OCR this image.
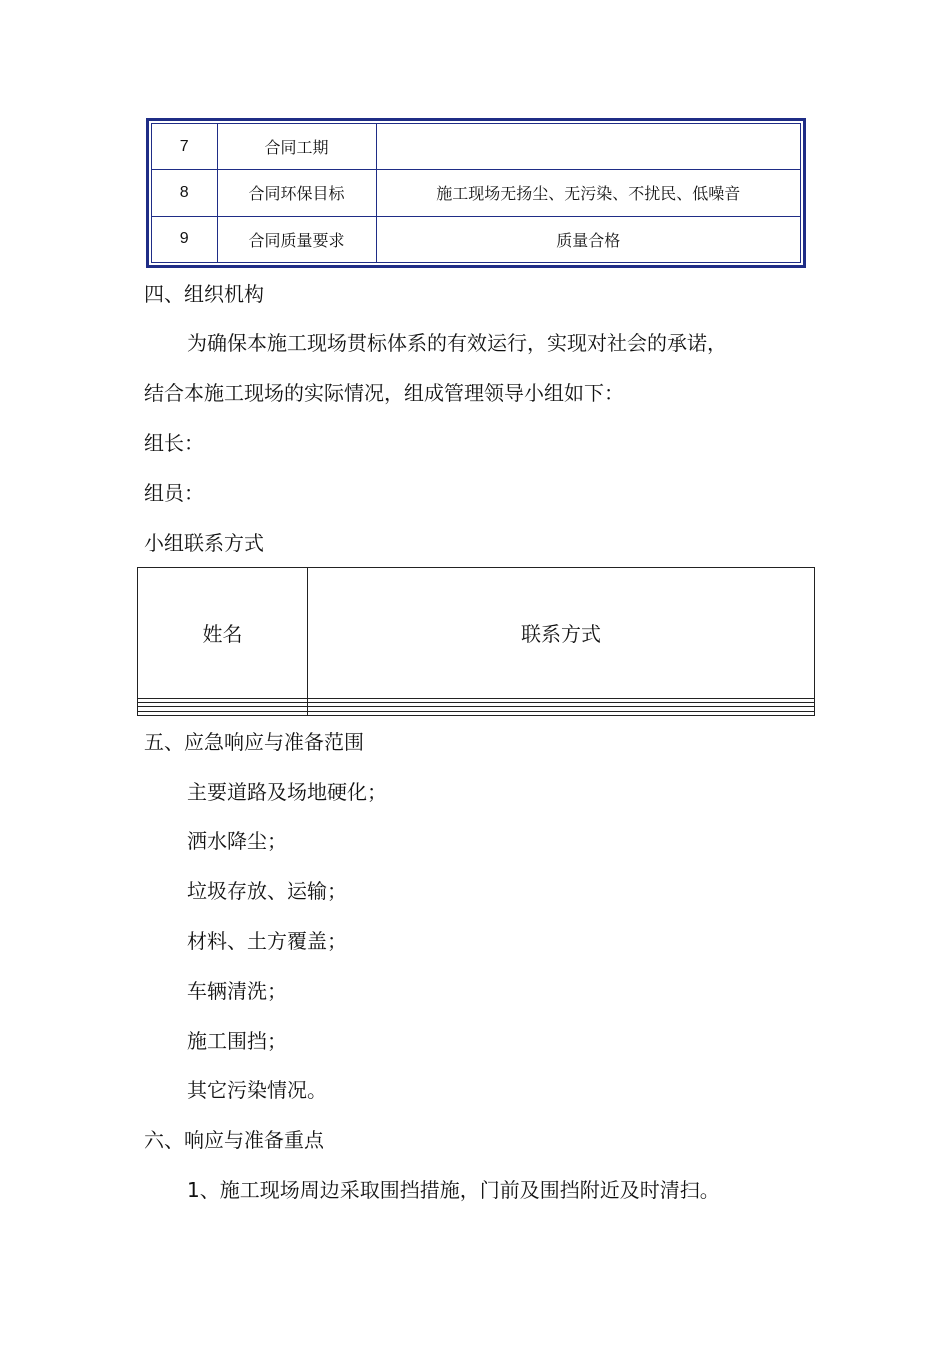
7	合同工期	
8	合同环保目标	施工现场无扬尘、无污染、不扰民、低噪音
9	合同质量要求	质量合格
四、组织机构
为确保本施工现场贯标体系的有效运行，实现对社会的承诺，
结合本施工现场的实际情况，组成管理领导小组如下：
组长：
组员：
小组联系方式
姓名	联系方式

五、应急响应与准备范围
主要道路及场地硬化；
洒水降尘；
垃圾存放、运输；
材料、土方覆盖；
车辆清洗；
施工围挡；
其它污染情况。
六、响应与准备重点
1、施工现场周边采取围挡措施，门前及围挡附近及时清扫。
